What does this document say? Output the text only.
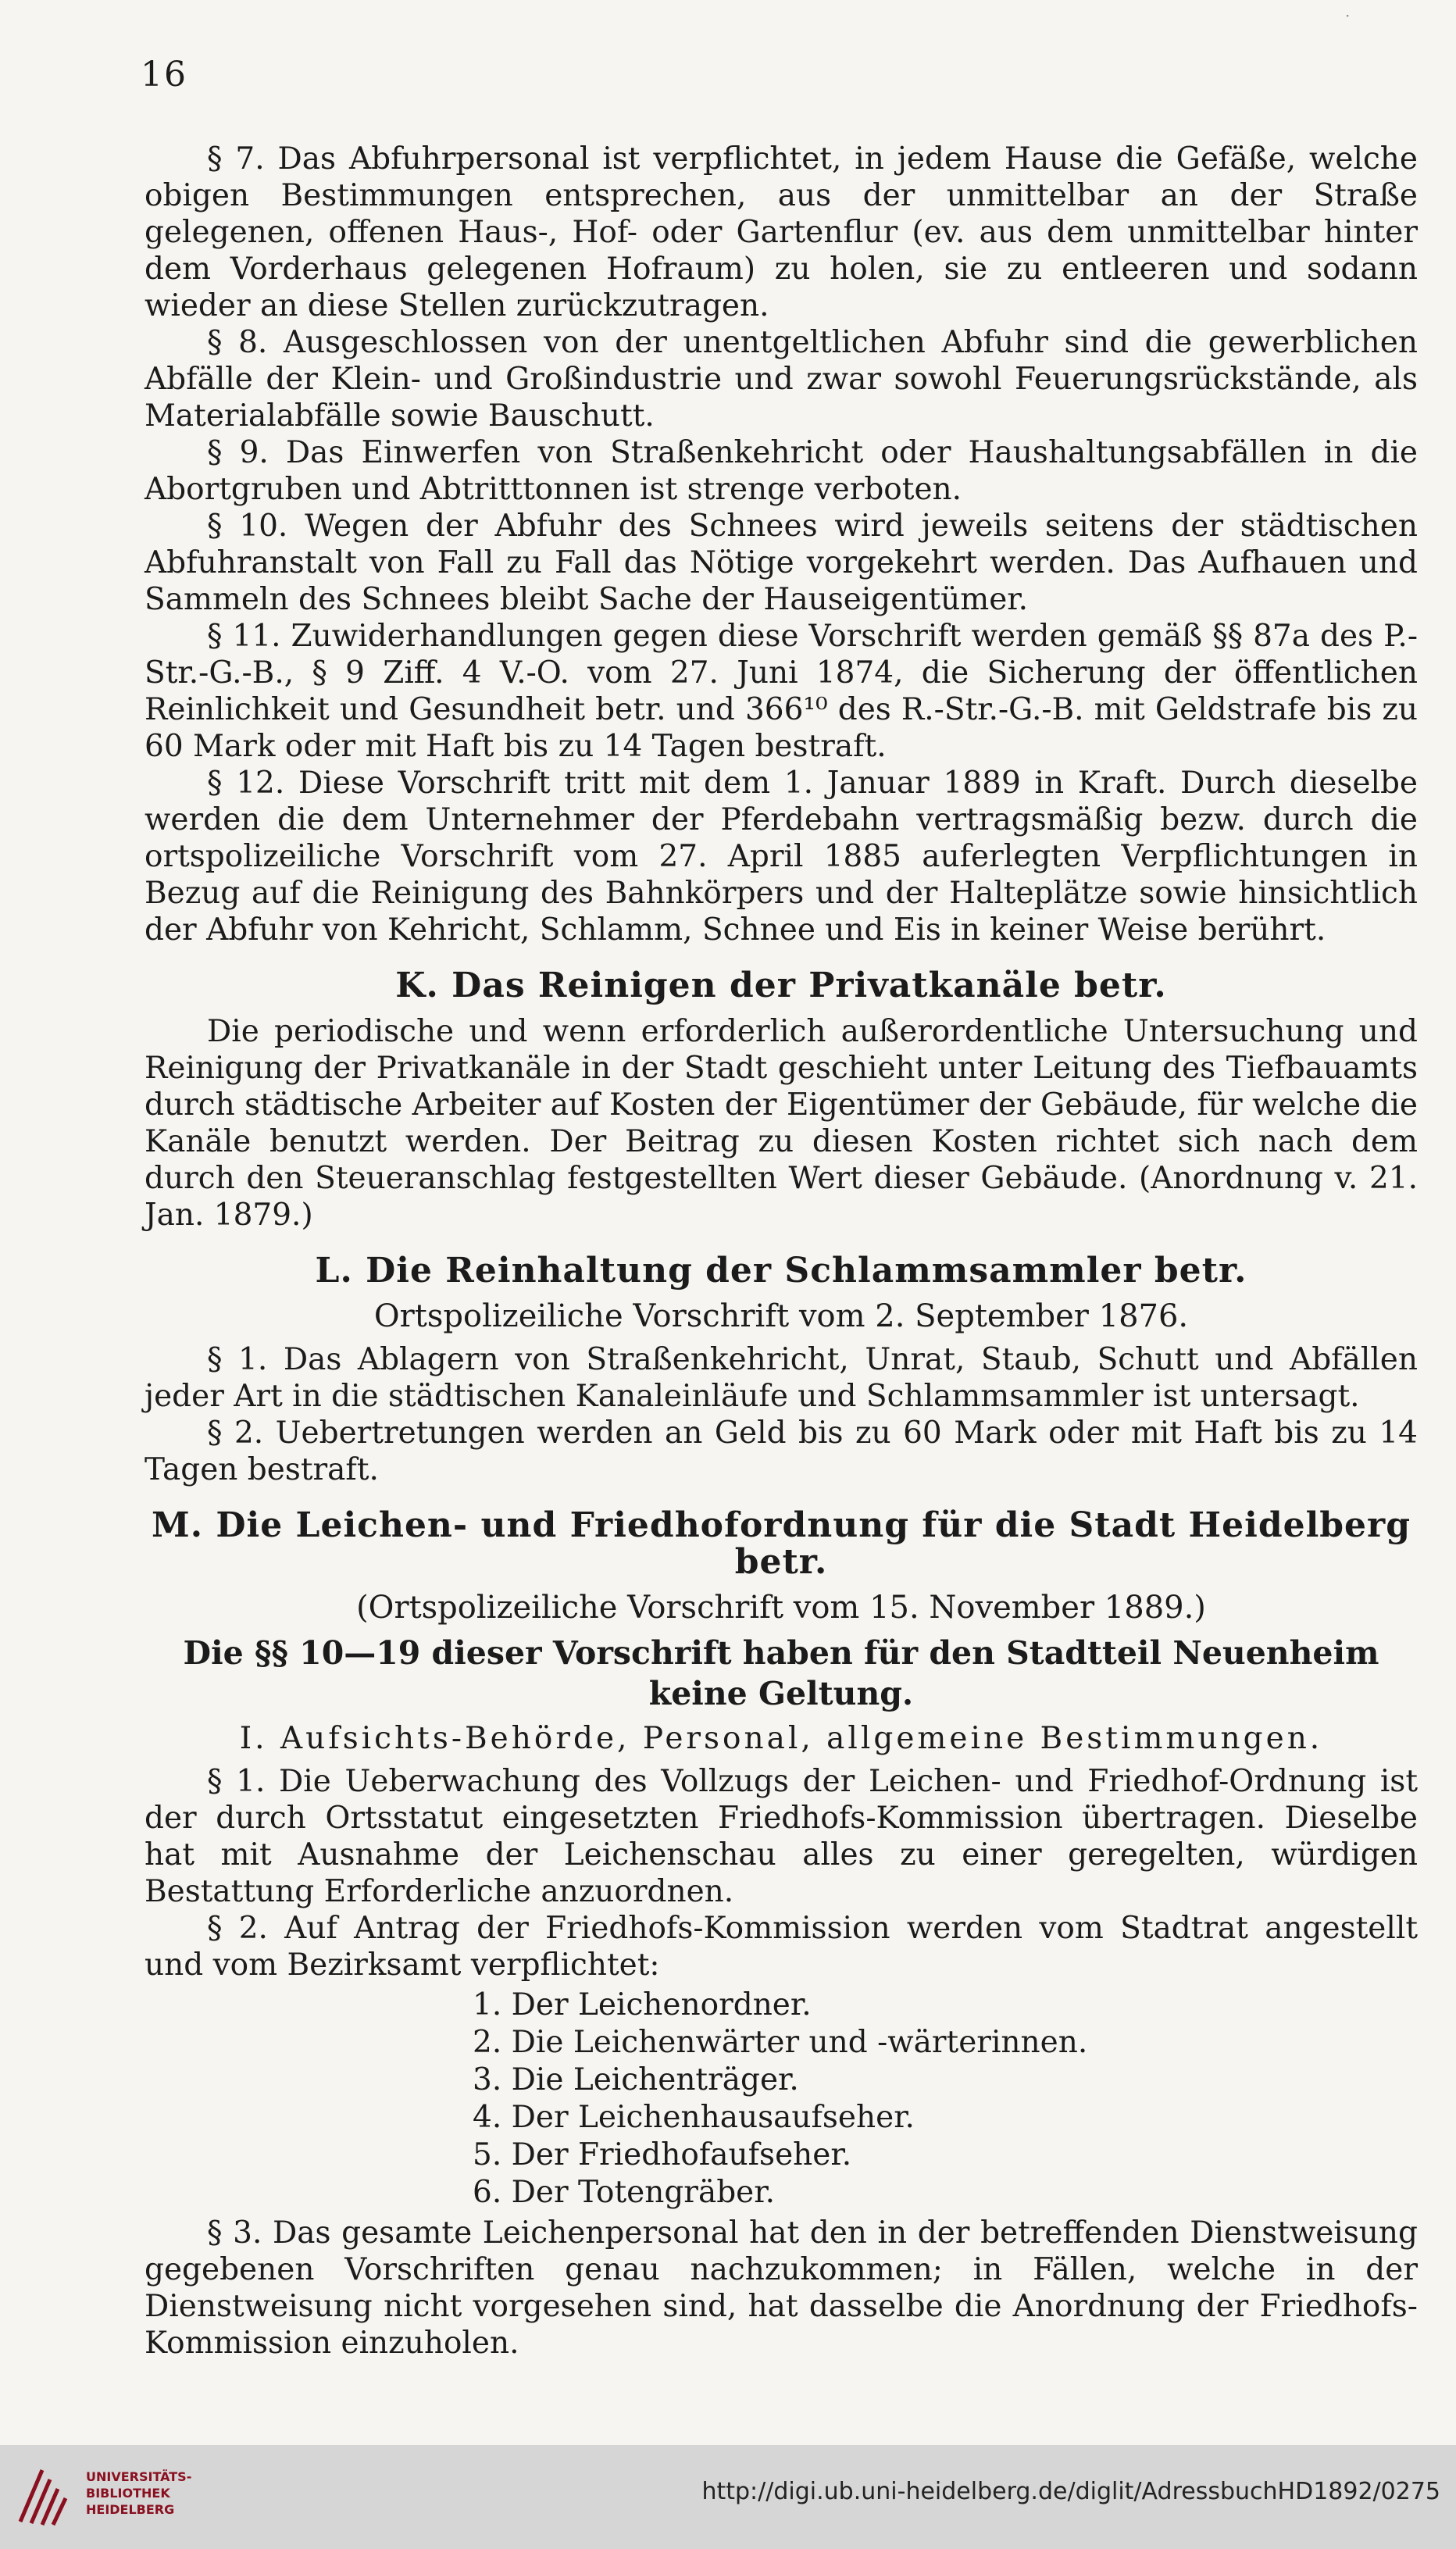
16
·

§ 7. Das Abfuhrpersonal ist verpflichtet, in jedem Hause die Gefäße, welche obigen Bestimmungen entsprechen, aus der unmittelbar an der Straße gelegenen, offenen Haus-, Hof- oder Gartenflur (ev. aus dem unmittelbar hinter dem Vorderhaus gelegenen Hofraum) zu holen, sie zu entleeren und sodann wieder an diese Stellen zurückzutragen.

§ 8. Ausgeschlossen von der unentgeltlichen Abfuhr sind die gewerblichen Abfälle der Klein- und Großindustrie und zwar sowohl Feuerungsrückstände, als Materialabfälle sowie Bauschutt.

§ 9. Das Einwerfen von Straßenkehricht oder Haushaltungsabfällen in die Abortgruben und Abtritttonnen ist strenge verboten.

§ 10. Wegen der Abfuhr des Schnees wird jeweils seitens der städtischen Abfuhranstalt von Fall zu Fall das Nötige vorgekehrt werden. Das Aufhauen und Sammeln des Schnees bleibt Sache der Hauseigentümer.

§ 11. Zuwiderhandlungen gegen diese Vorschrift werden gemäß §§ 87a des P.-Str.-G.-B., § 9 Ziff. 4 V.-O. vom 27. Juni 1874, die Sicherung der öffentlichen Reinlichkeit und Gesundheit betr. und 366¹⁰ des R.-Str.-G.-B. mit Geldstrafe bis zu 60 Mark oder mit Haft bis zu 14 Tagen bestraft.

§ 12. Diese Vorschrift tritt mit dem 1. Januar 1889 in Kraft. Durch dieselbe werden die dem Unternehmer der Pferdebahn vertragsmäßig bezw. durch die ortspolizeiliche Vorschrift vom 27. April 1885 auferlegten Verpflichtungen in Bezug auf die Reinigung des Bahnkörpers und der Halteplätze sowie hinsichtlich der Abfuhr von Kehricht, Schlamm, Schnee und Eis in keiner Weise berührt.

K. Das Reinigen der Privatkanäle betr.

Die periodische und wenn erforderlich außerordentliche Untersuchung und Reinigung der Privatkanäle in der Stadt geschieht unter Leitung des Tiefbauamts durch städtische Arbeiter auf Kosten der Eigentümer der Gebäude, für welche die Kanäle benutzt werden. Der Beitrag zu diesen Kosten richtet sich nach dem durch den Steueranschlag festgestellten Wert dieser Gebäude. (Anordnung v. 21. Jan. 1879.)

L. Die Reinhaltung der Schlammsammler betr.
Ortspolizeiliche Vorschrift vom 2. September 1876.

§ 1. Das Ablagern von Straßenkehricht, Unrat, Staub, Schutt und Abfällen jeder Art in die städtischen Kanaleinläufe und Schlammsammler ist untersagt.

§ 2. Uebertretungen werden an Geld bis zu 60 Mark oder mit Haft bis zu 14 Tagen bestraft.

M. Die Leichen- und Friedhofordnung für die Stadt Heidelberg betr.
(Ortspolizeiliche Vorschrift vom 15. November 1889.)
Die §§ 10—19 dieser Vorschrift haben für den Stadtteil Neuenheim keine Geltung.
I. Aufsichts-Behörde, Personal, allgemeine Bestimmungen.

§ 1. Die Ueberwachung des Vollzugs der Leichen- und Friedhof-Ordnung ist der durch Ortsstatut eingesetzten Friedhofs-Kommission übertragen. Dieselbe hat mit Ausnahme der Leichenschau alles zu einer geregelten, würdigen Bestattung Erforderliche anzuordnen.

§ 2. Auf Antrag der Friedhofs-Kommission werden vom Stadtrat angestellt und vom Bezirksamt verpflichtet:

1. Der Leichenordner.
2. Die Leichenwärter und -wärterinnen.
3. Die Leichenträger.
4. Der Leichenhausaufseher.
5. Der Friedhofaufseher.
6. Der Totengräber.

§ 3. Das gesamte Leichenpersonal hat den in der betreffenden Dienstweisung gegebenen Vorschriften genau nachzukommen; in Fällen, welche in der Dienstweisung nicht vorgesehen sind, hat dasselbe die Anordnung der Friedhofs-Kommission einzuholen.

UNIVERSITÄTS-
BIBLIOTHEK
HEIDELBERG
http://digi.ub.uni-heidelberg.de/diglit/AdressbuchHD1892/0275
